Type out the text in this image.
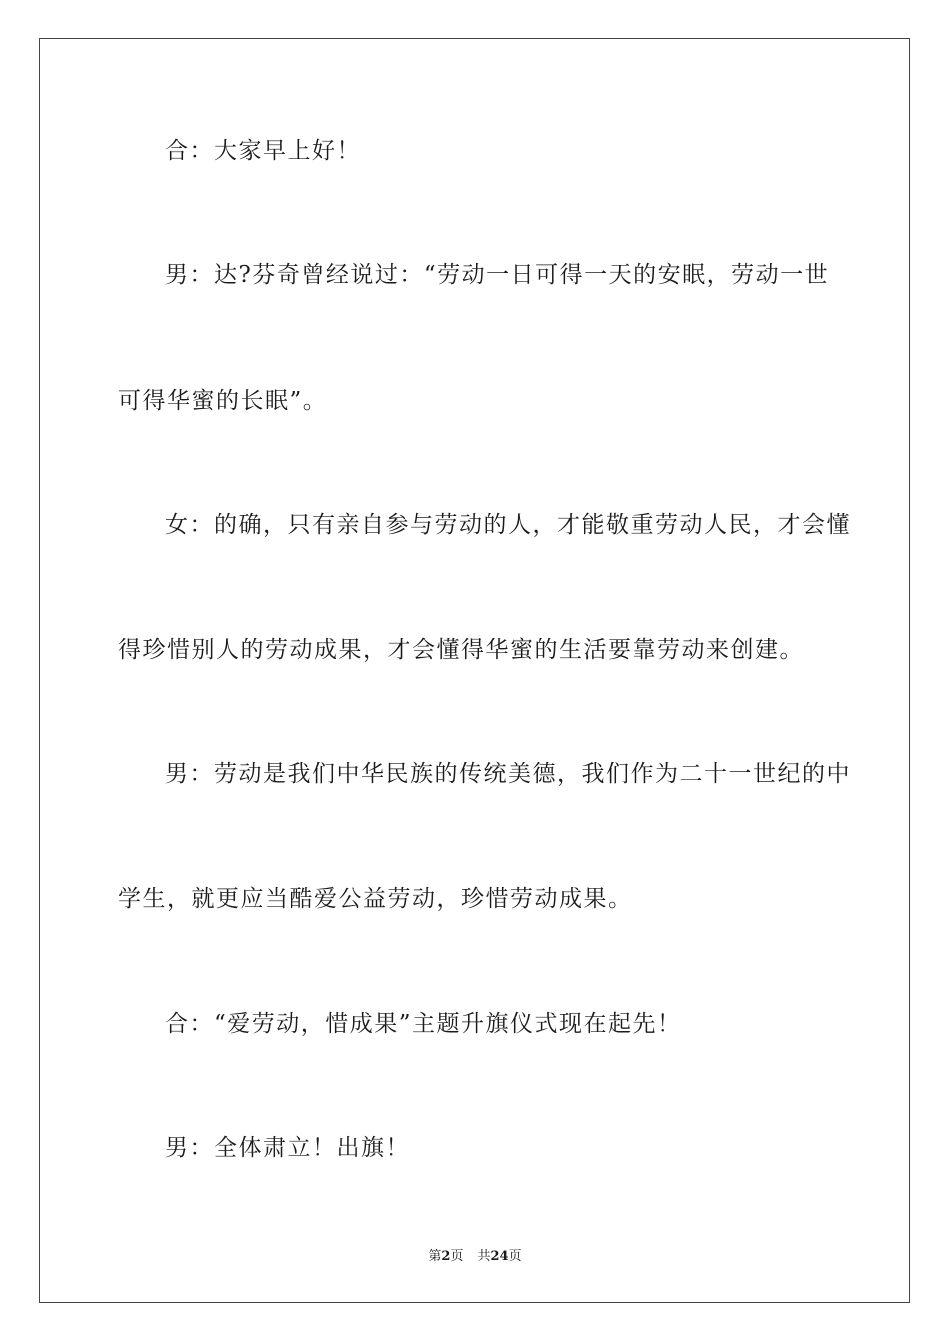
合：大家早上好！
男：达?芬奇曾经说过：“劳动一日可得一天的安眠，劳动一世
可得华蜜的长眠”。
女：的确，只有亲自参与劳动的人，才能敬重劳动人民，才会懂
得珍惜别人的劳动成果，才会懂得华蜜的生活要靠劳动来创建。
男：劳动是我们中华民族的传统美德，我们作为二十一世纪的中
学生，就更应当酷爱公益劳动，珍惜劳动成果。
合：“爱劳动，惜成果”主题升旗仪式现在起先！
男：全体肃立！出旗！
第2页 共24页
